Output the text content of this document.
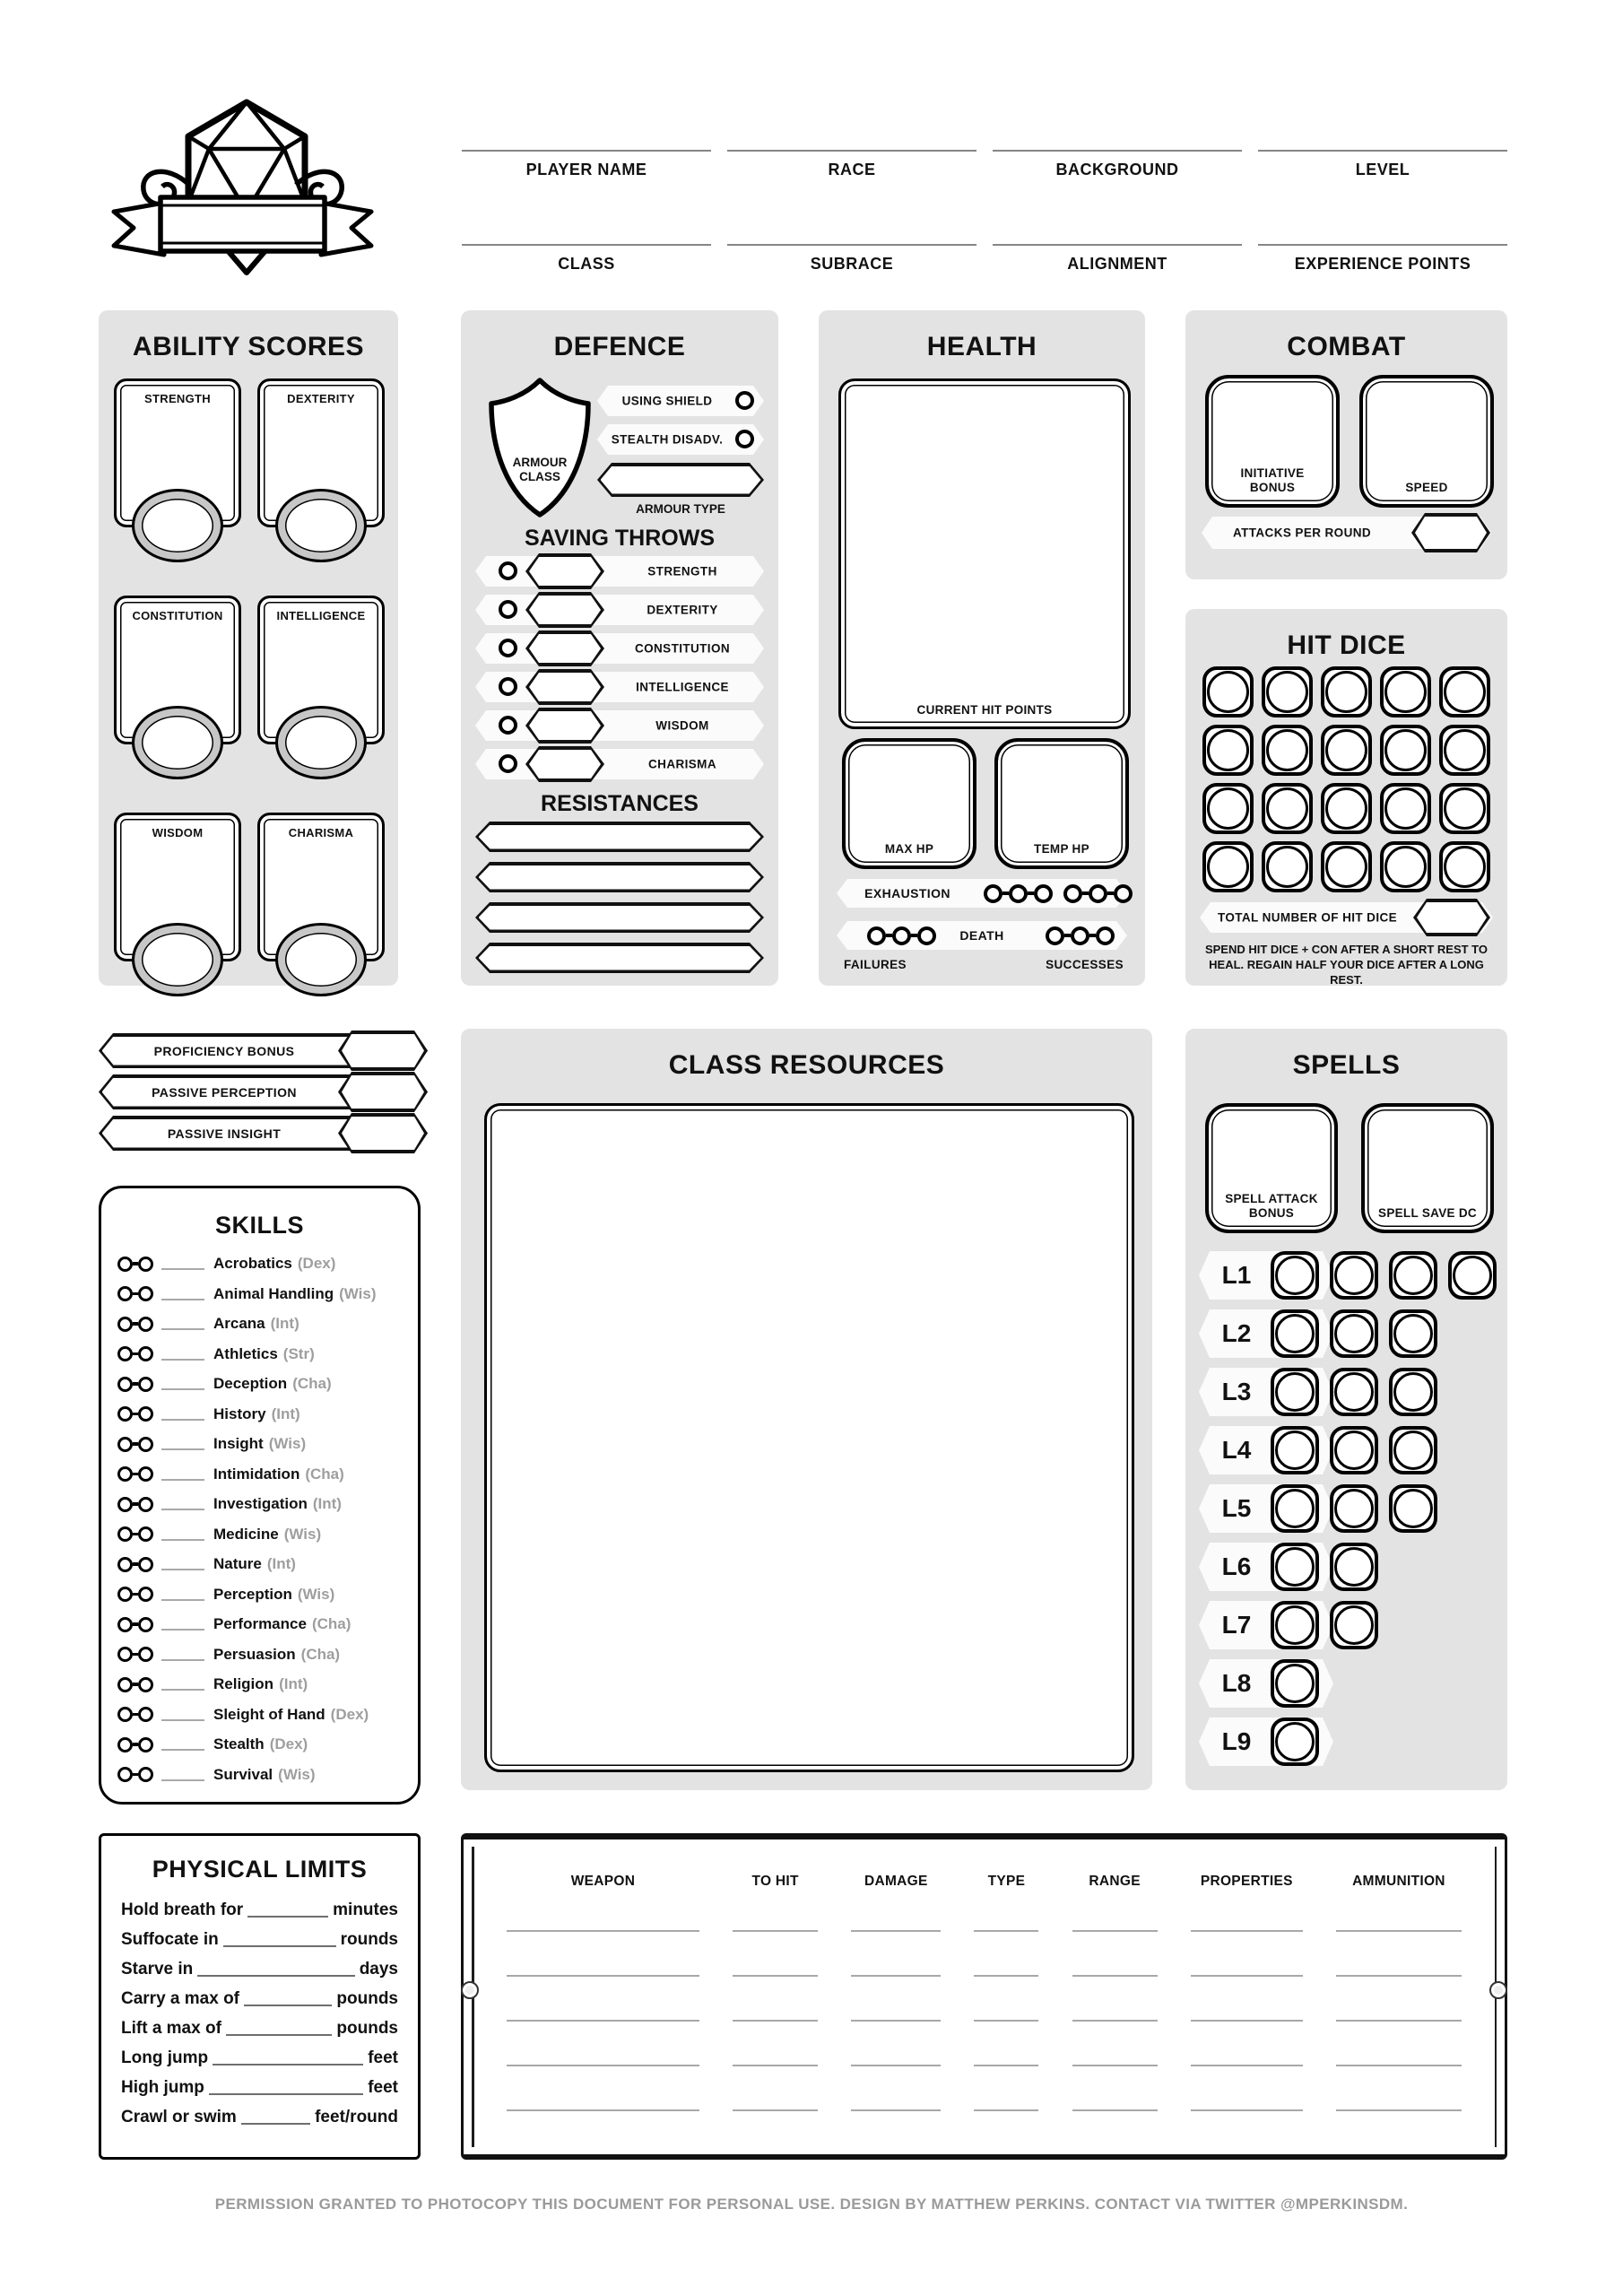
PLAYER NAME	RACE	BACKGROUND	LEVEL
CLASS	SUBRACE	ALIGNMENT	EXPERIENCE POINTS
ABILITY SCORES
STRENGTH	DEXTERITY
CONSTITUTION	INTELLIGENCE
WISDOM	CHARISMA
DEFENCE
ARMOUR CLASS
USING SHIELD
STEALTH DISADV.
ARMOUR TYPE
SAVING THROWS
STRENGTH
DEXTERITY
CONSTITUTION
INTELLIGENCE
WISDOM
CHARISMA
RESISTANCES
HEALTH
CURRENT HIT POINTS
MAX HP	TEMP HP
EXHAUSTION
DEATH
FAILURES	SUCCESSES
COMBAT
INITIATIVE BONUS	SPEED
ATTACKS PER ROUND
HIT DICE
TOTAL NUMBER OF HIT DICE
SPEND HIT DICE + CON AFTER A SHORT REST TO HEAL. REGAIN HALF YOUR DICE AFTER A LONG REST.
PROFICIENCY BONUS
PASSIVE PERCEPTION
PASSIVE INSIGHT
SKILLS
Acrobatics (Dex)
Animal Handling (Wis)
Arcana (Int)
Athletics (Str)
Deception (Cha)
History (Int)
Insight (Wis)
Intimidation (Cha)
Investigation (Int)
Medicine (Wis)
Nature (Int)
Perception (Wis)
Performance (Cha)
Persuasion (Cha)
Religion (Int)
Sleight of Hand (Dex)
Stealth (Dex)
Survival (Wis)
CLASS RESOURCES	SPELLS
SPELL ATTACK BONUS	SPELL SAVE DC
L1
L2
L3
L4
L5
L6
L7
L8
L9
PHYSICAL LIMITS
Hold breath for	minutes
Suffocate in	rounds
Starve in	days
Carry a max of	pounds
Lift a max of	pounds
Long jump	feet
High jump	feet
Crawl or swim	feet/round
WEAPON	TO HIT	DAMAGE	TYPE	RANGE	PROPERTIES	AMMUNITION
PERMISSION GRANTED TO PHOTOCOPY THIS DOCUMENT FOR PERSONAL USE. DESIGN BY MATTHEW PERKINS. CONTACT VIA TWITTER @MPERKINSDM.
